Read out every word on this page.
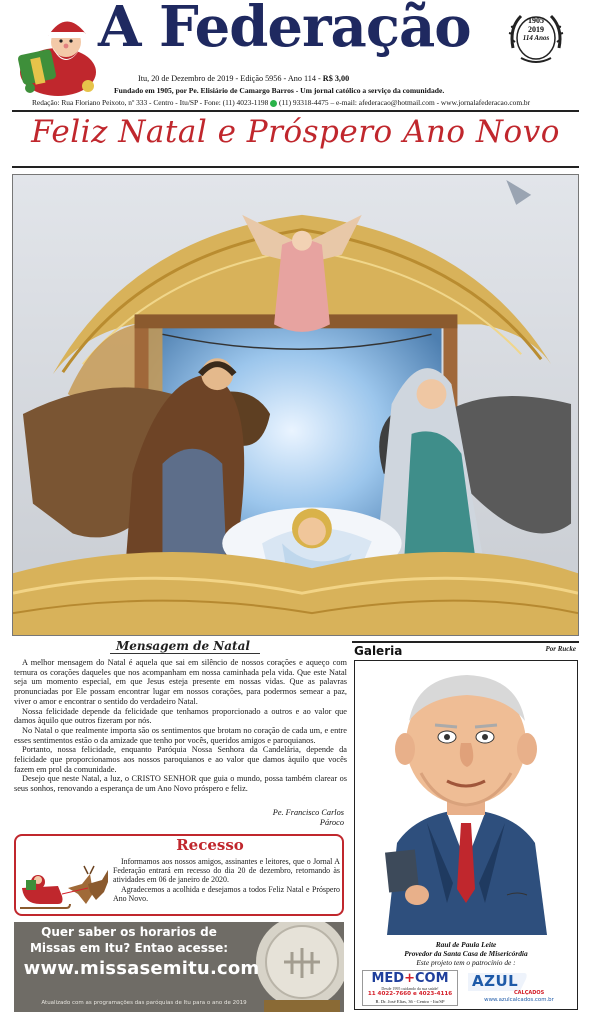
A Federação	1905
2019
114 Anos
Itu, 20 de Dezembro de 2019 - Edição 5956 - Ano 114 - R$ 3,00
Fundado em 1905, por Pe. Elisiário de Camargo Barros - Um jornal católico a serviço da comunidade.
Redação: Rua Floriano Peixoto, nº 333 - Centro - Itu/SP - Fone: (11) 4023-1198  (11) 93318-4475 – e-mail: afederacao@hotmail.com - www.jornalafederacao.com.br
Feliz Natal e Próspero Ano Novo
Mensagem de Natal

A melhor mensagem do Natal é aquela que sai em silêncio de nossos corações e aqueço com ternura os corações daqueles que nos acompanham em nossa caminhada pela vida. Que este Natal seja um momento especial, em que Jesus esteja presente em nossas vidas. Que as palavras pronunciadas por Ele possam encontrar lugar em nossos corações, para podermos semear a paz, viver o amor e encontrar o sentido do verdadeiro Natal.

Nossa felicidade depende da felicidade que tenhamos proporcionado a outros e ao valor que damos àquilo que outros fizeram por nós.

No Natal o que realmente importa são os sentimentos que brotam no coração de cada um, e entre esses sentimentos estão o da amizade que tenho por vocês, queridos amigos e paroquianos.

Portanto, nossa felicidade, enquanto Paróquia Nossa Senhora da Candelária, depende da felicidade que proporcionamos aos nossos paroquianos e ao valor que damos àquilo que vocês fazem em prol da comunidade.

Desejo que neste Natal, a luz, o CRISTO SENHOR que guia o mundo, possa também clarear os seus sonhos, renovando a esperança de um Ano Novo próspero e feliz.

Pe. Francisco Carlos
Pároco
Recesso

Informamos aos nossos amigos, assinantes e leitores, que o Jornal A Federação entrará em recesso do dia 20 de dezembro, retornando às atividades em 06 de janeiro de 2020.

Agradecemos a acolhida e desejamos a todos Feliz Natal e Próspero Ano Novo.

Quer saber os horarios de
Missas em Itu? Entao acesse:
www.missasemitu.com
Atualizado com as programações das paróquias de Itu para o ano de 2019
Galeria	Por Rucke
Raul de Paula Leite
Provedor da Santa Casa de Misericórdia
Este projeto tem o patrocínio de :
MED+COM
Desde 1995 cuidando da sua saúde!
11 4022-7660 e 4023-4116
R. Dr. José Elias, 36 - Centro - Itu/SP
AZUL
CALÇADOS
www.azulcalcados.com.br
